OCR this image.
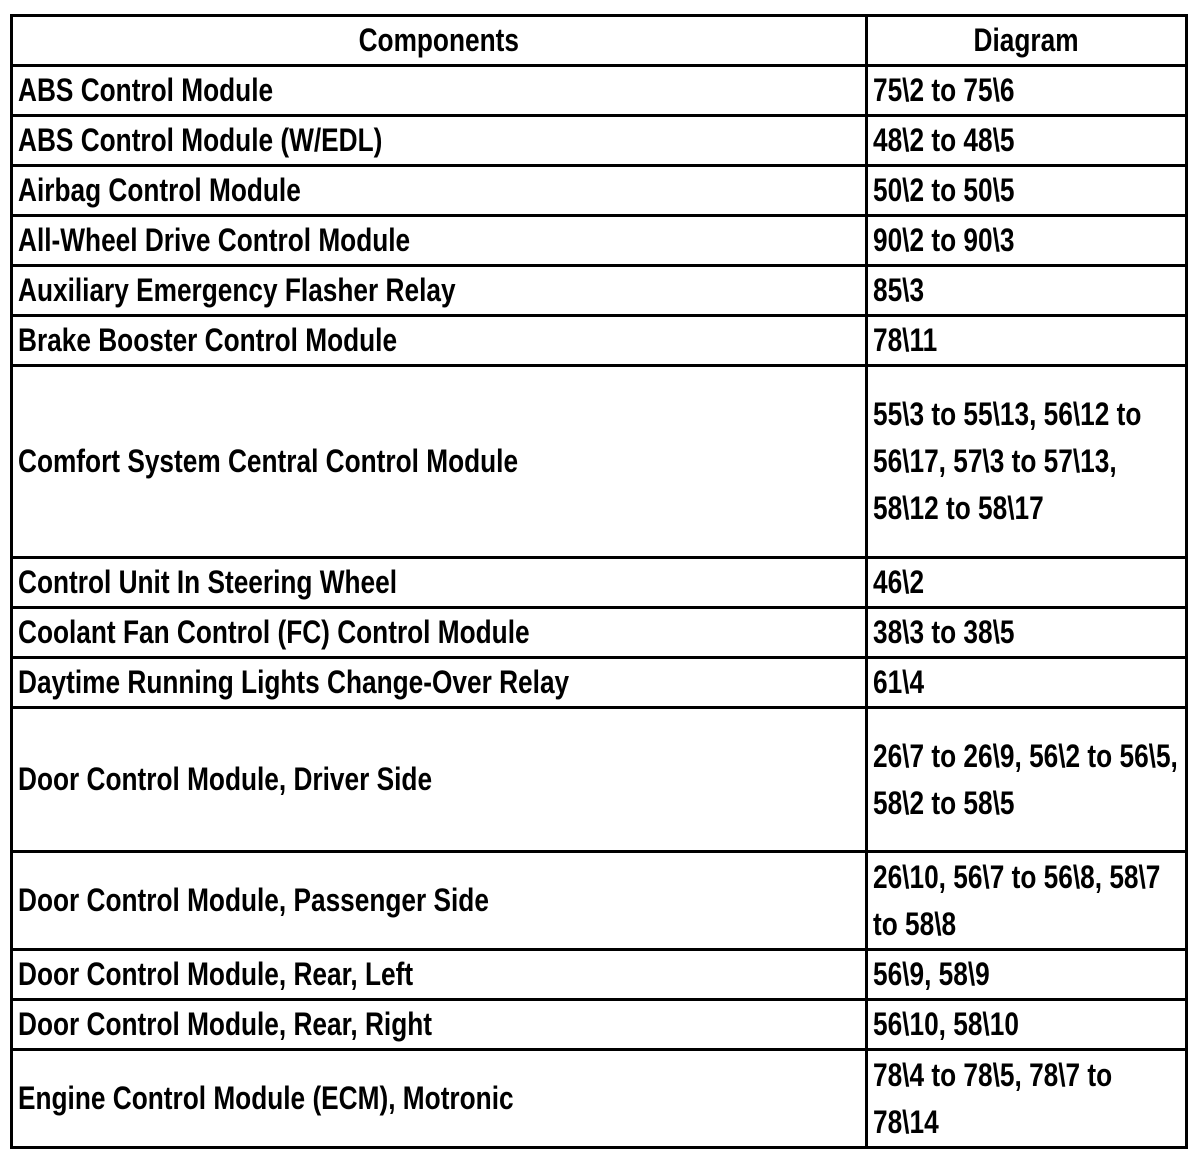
Components	Diagram
ABS Control Module	75\2 to 75\6

ABS Control Module (W/EDL)	48\2 to 48\5

Airbag Control Module	50\2 to 50\5

All-Wheel Drive Control Module	90\2 to 90\3

Auxiliary Emergency Flasher Relay	85\3

Brake Booster Control Module	78\11

Comfort System Central Control Module	55\3 to 55\13, 56\12 to 56\17, 57\3 to 57\13, 58\12 to 58\17

Control Unit In Steering Wheel	46\2

Coolant Fan Control (FC) Control Module	38\3 to 38\5

Daytime Running Lights Change-Over Relay	61\4

Door Control Module, Driver Side	26\7 to 26\9, 56\2 to 56\5, 58\2 to 58\5

Door Control Module, Passenger Side	26\10, 56\7 to 56\8, 58\7 to 58\8

Door Control Module, Rear, Left	56\9, 58\9

Door Control Module, Rear, Right	56\10, 58\10

Engine Control Module (ECM), Motronic	78\4 to 78\5, 78\7 to 78\14
